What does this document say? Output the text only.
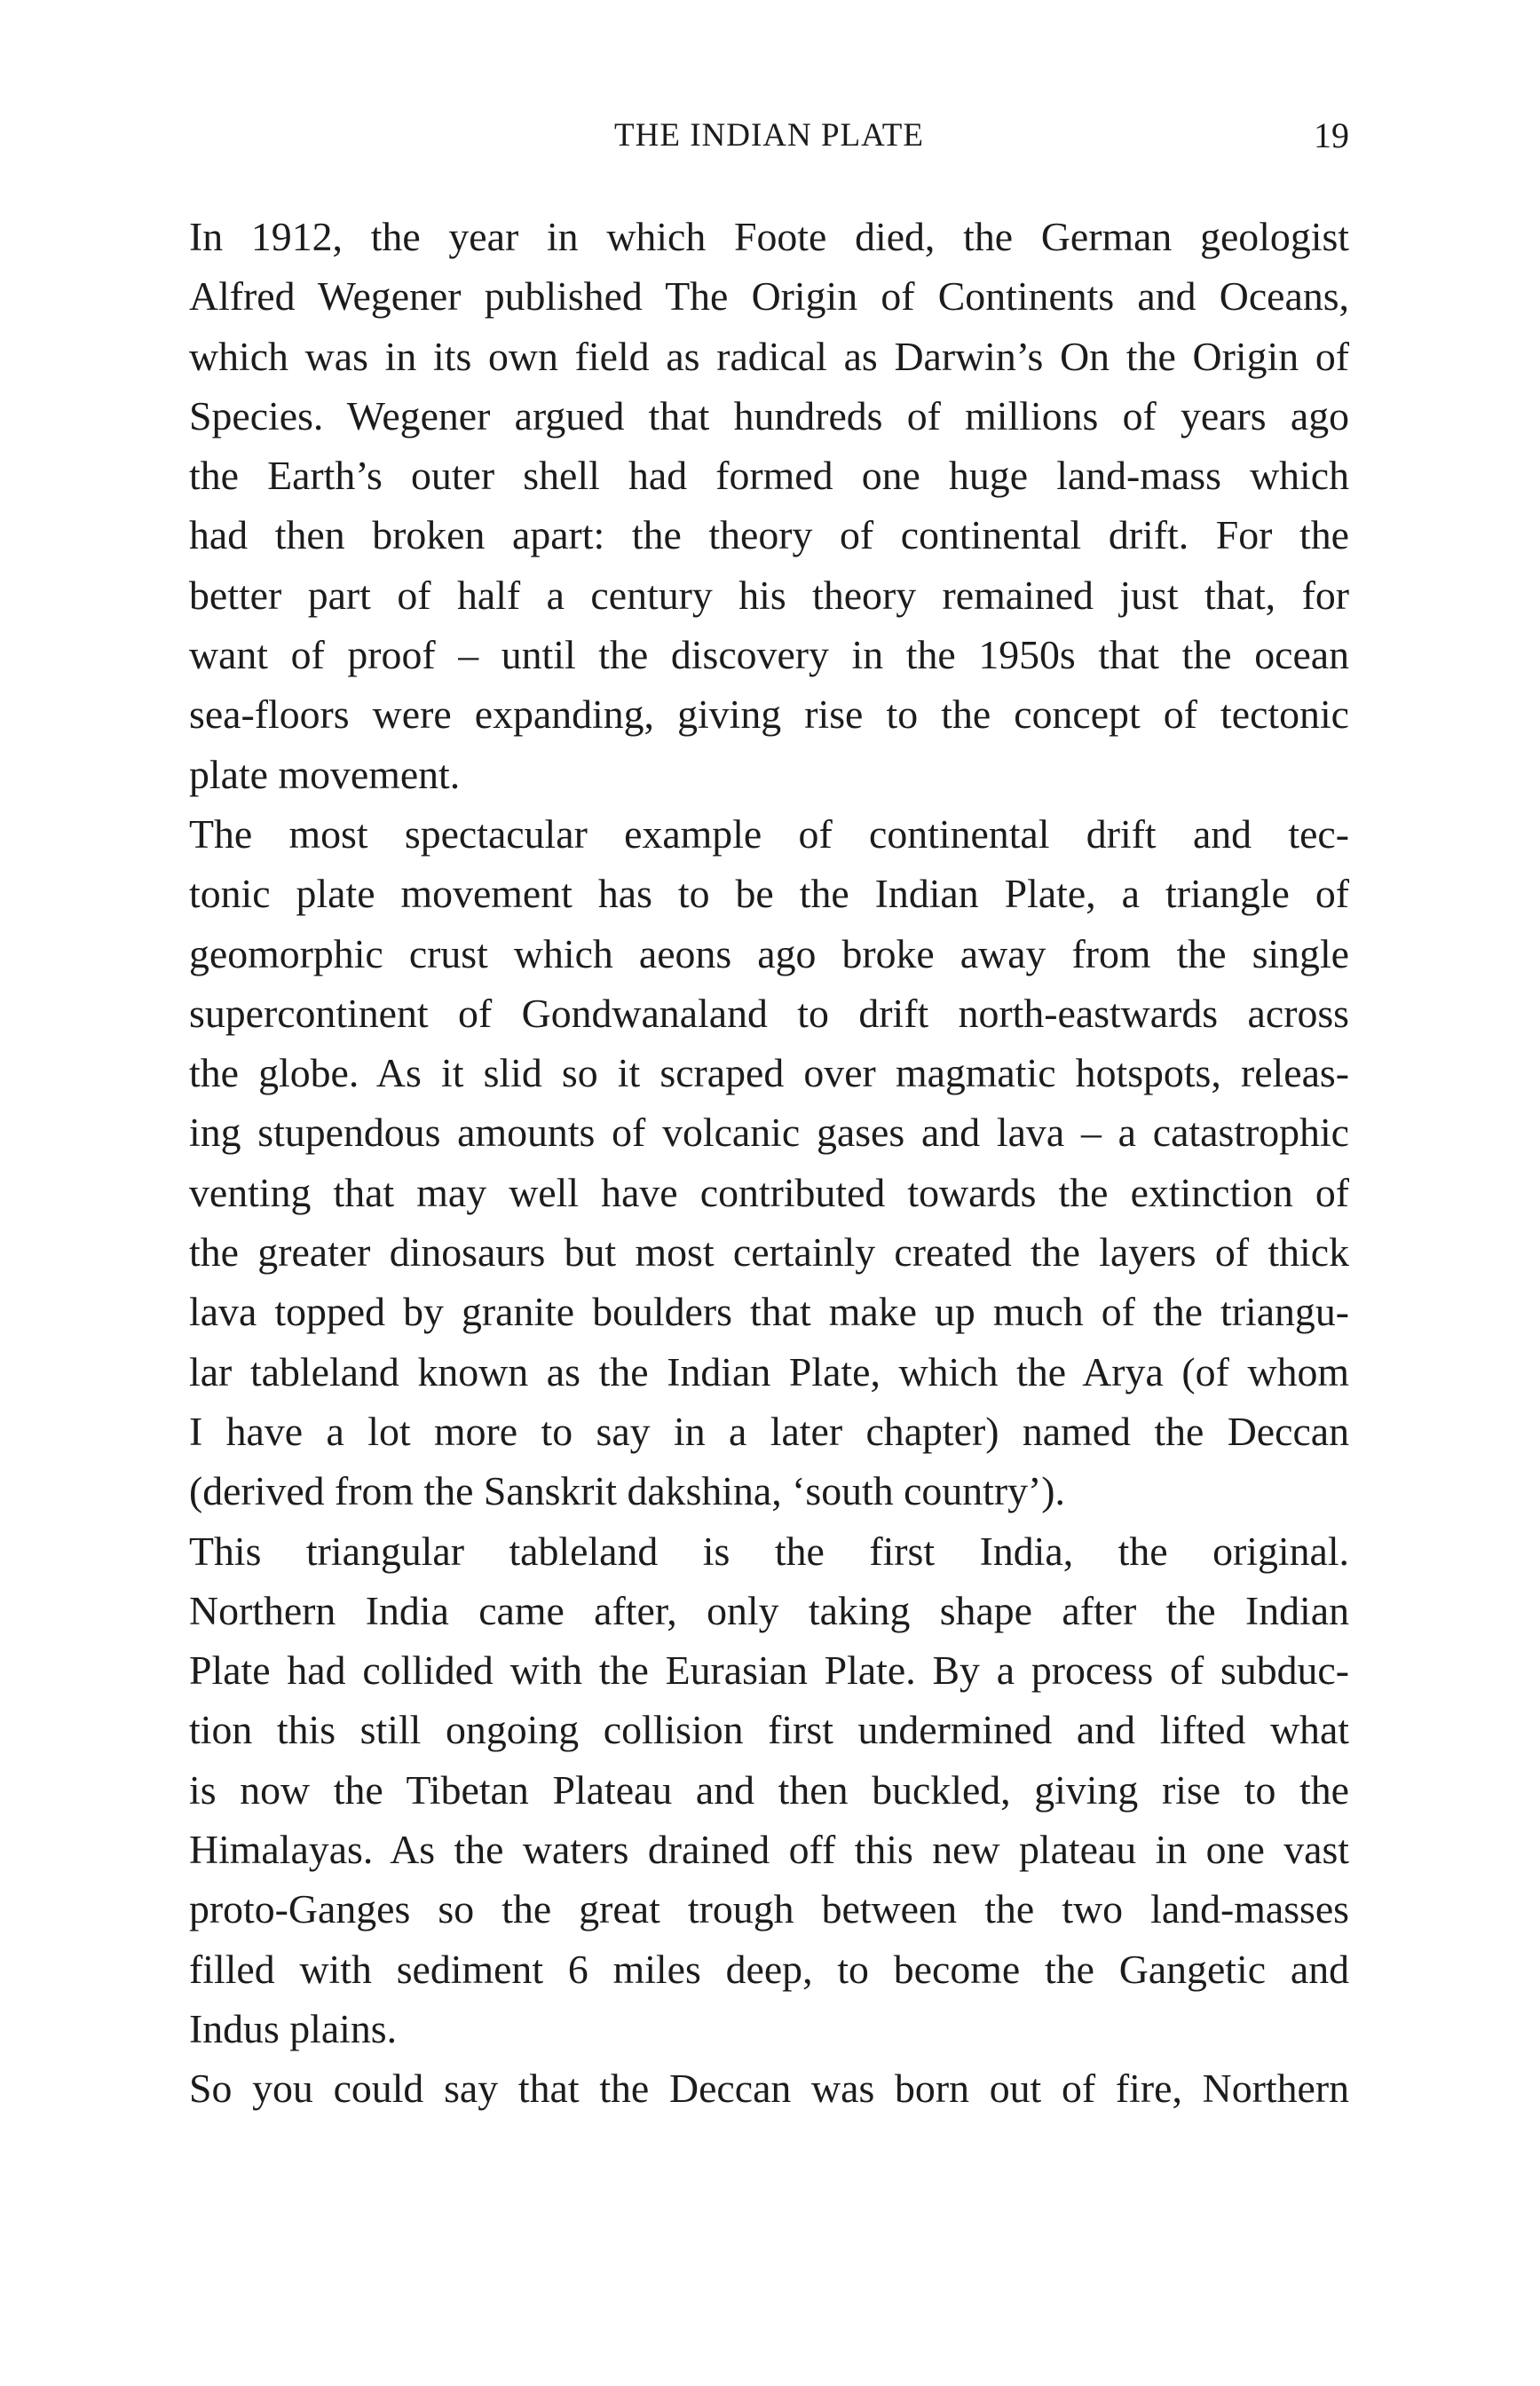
THE INDIAN PLATE	19
In 1912, the year in which Foote died, the German geologist
Alfred Wegener published The Origin of Continents and Oceans,
which was in its own field as radical as Darwin’s On the Origin of
Species. Wegener argued that hundreds of millions of years ago
the Earth’s outer shell had formed one huge land-mass which
had then broken apart: the theory of continental drift. For the
better part of half a century his theory remained just that, for
want of proof – until the discovery in the 1950s that the ocean
sea-floors were expanding, giving rise to the concept of tectonic
plate movement.
The most spectacular example of continental drift and tec-
tonic plate movement has to be the Indian Plate, a triangle of
geomorphic crust which aeons ago broke away from the single
supercontinent of Gondwanaland to drift north-eastwards across
the globe. As it slid so it scraped over magmatic hotspots, releas-
ing stupendous amounts of volcanic gases and lava – a catastrophic
venting that may well have contributed towards the extinction of
the greater dinosaurs but most certainly created the layers of thick
lava topped by granite boulders that make up much of the triangu-
lar tableland known as the Indian Plate, which the Arya (of whom
I have a lot more to say in a later chapter) named the Deccan
(derived from the Sanskrit dakshina, ‘south country’).
This triangular tableland is the first India, the original.
Northern India came after, only taking shape after the Indian
Plate had collided with the Eurasian Plate. By a process of subduc-
tion this still ongoing collision first undermined and lifted what
is now the Tibetan Plateau and then buckled, giving rise to the
Himalayas. As the waters drained off this new plateau in one vast
proto-Ganges so the great trough between the two land-masses
filled with sediment 6 miles deep, to become the Gangetic and
Indus plains.
So you could say that the Deccan was born out of fire, Northern
